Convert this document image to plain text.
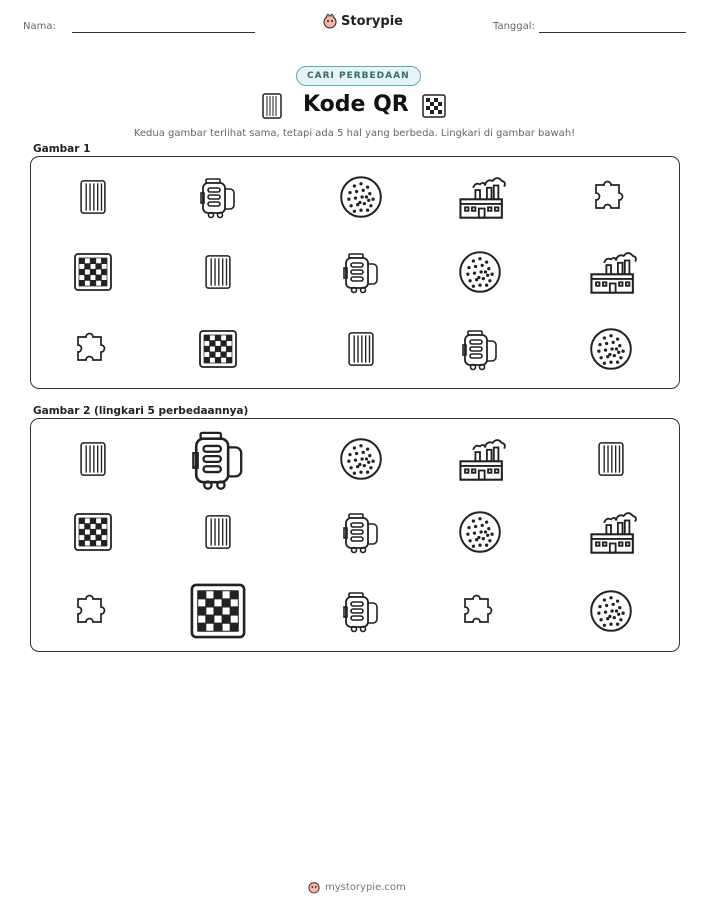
Nama:	Storypie	Tanggal:
CARI PERBEDAAN
Kode QR
Kedua gambar terlihat sama, tetapi ada 5 hal yang berbeda. Lingkari di gambar bawah!
Gambar 1
Gambar 2 (lingkari 5 perbedaannya)
mystorypie.com
